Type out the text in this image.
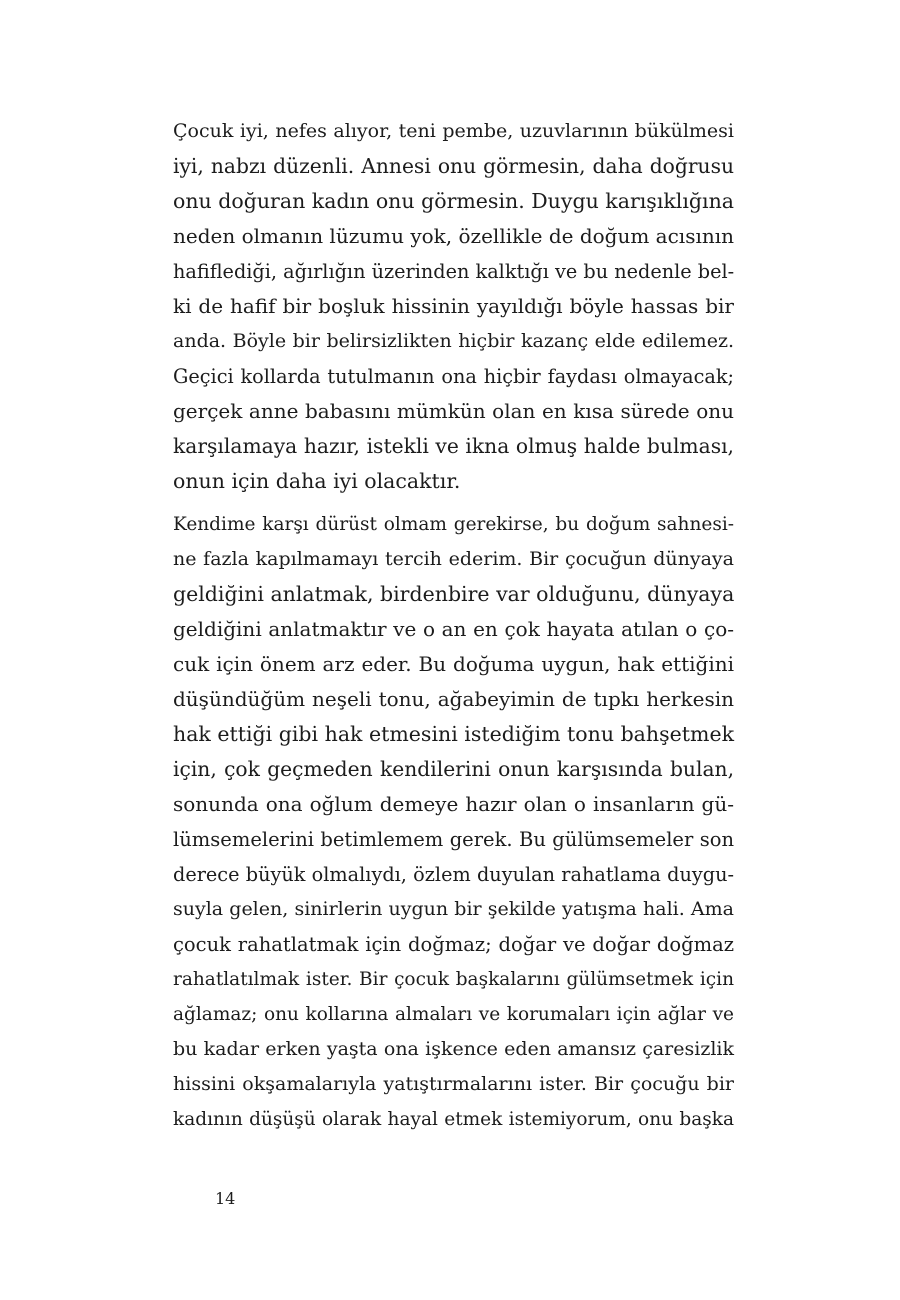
Çocuk iyi, nefes alıyor, teni pembe, uzuvlarının bükülmesi
iyi, nabzı düzenli. Annesi onu görmesin, daha doğrusu
onu doğuran kadın onu görmesin. Duygu karışıklığına
neden olmanın lüzumu yok, özellikle de doğum acısının
hafiflediği, ağırlığın üzerinden kalktığı ve bu nedenle bel-
ki de hafif bir boşluk hissinin yayıldığı böyle hassas bir
anda. Böyle bir belirsizlikten hiçbir kazanç elde edilemez.
Geçici kollarda tutulmanın ona hiçbir faydası olmayacak;
gerçek anne babasını mümkün olan en kısa sürede onu
karşılamaya hazır, istekli ve ikna olmuş halde bulması,
onun için daha iyi olacaktır.
Kendime karşı dürüst olmam gerekirse, bu doğum sahnesi-
ne fazla kapılmamayı tercih ederim. Bir çocuğun dünyaya
geldiğini anlatmak, birdenbire var olduğunu, dünyaya
geldiğini anlatmaktır ve o an en çok hayata atılan o ço-
cuk için önem arz eder. Bu doğuma uygun, hak ettiğini
düşündüğüm neşeli tonu, ağabeyimin de tıpkı herkesin
hak ettiği gibi hak etmesini istediğim tonu bahşetmek
için, çok geçmeden kendilerini onun karşısında bulan,
sonunda ona oğlum demeye hazır olan o insanların gü-
lümsemelerini betimlemem gerek. Bu gülümsemeler son
derece büyük olmalıydı, özlem duyulan rahatlama duygu-
suyla gelen, sinirlerin uygun bir şekilde yatışma hali. Ama
çocuk rahatlatmak için doğmaz; doğar ve doğar doğmaz
rahatlatılmak ister. Bir çocuk başkalarını gülümsetmek için
ağlamaz; onu kollarına almaları ve korumaları için ağlar ve
bu kadar erken yaşta ona işkence eden amansız çaresizlik
hissini okşamalarıyla yatıştırmalarını ister. Bir çocuğu bir
kadının düşüşü olarak hayal etmek istemiyorum, onu başka
14
